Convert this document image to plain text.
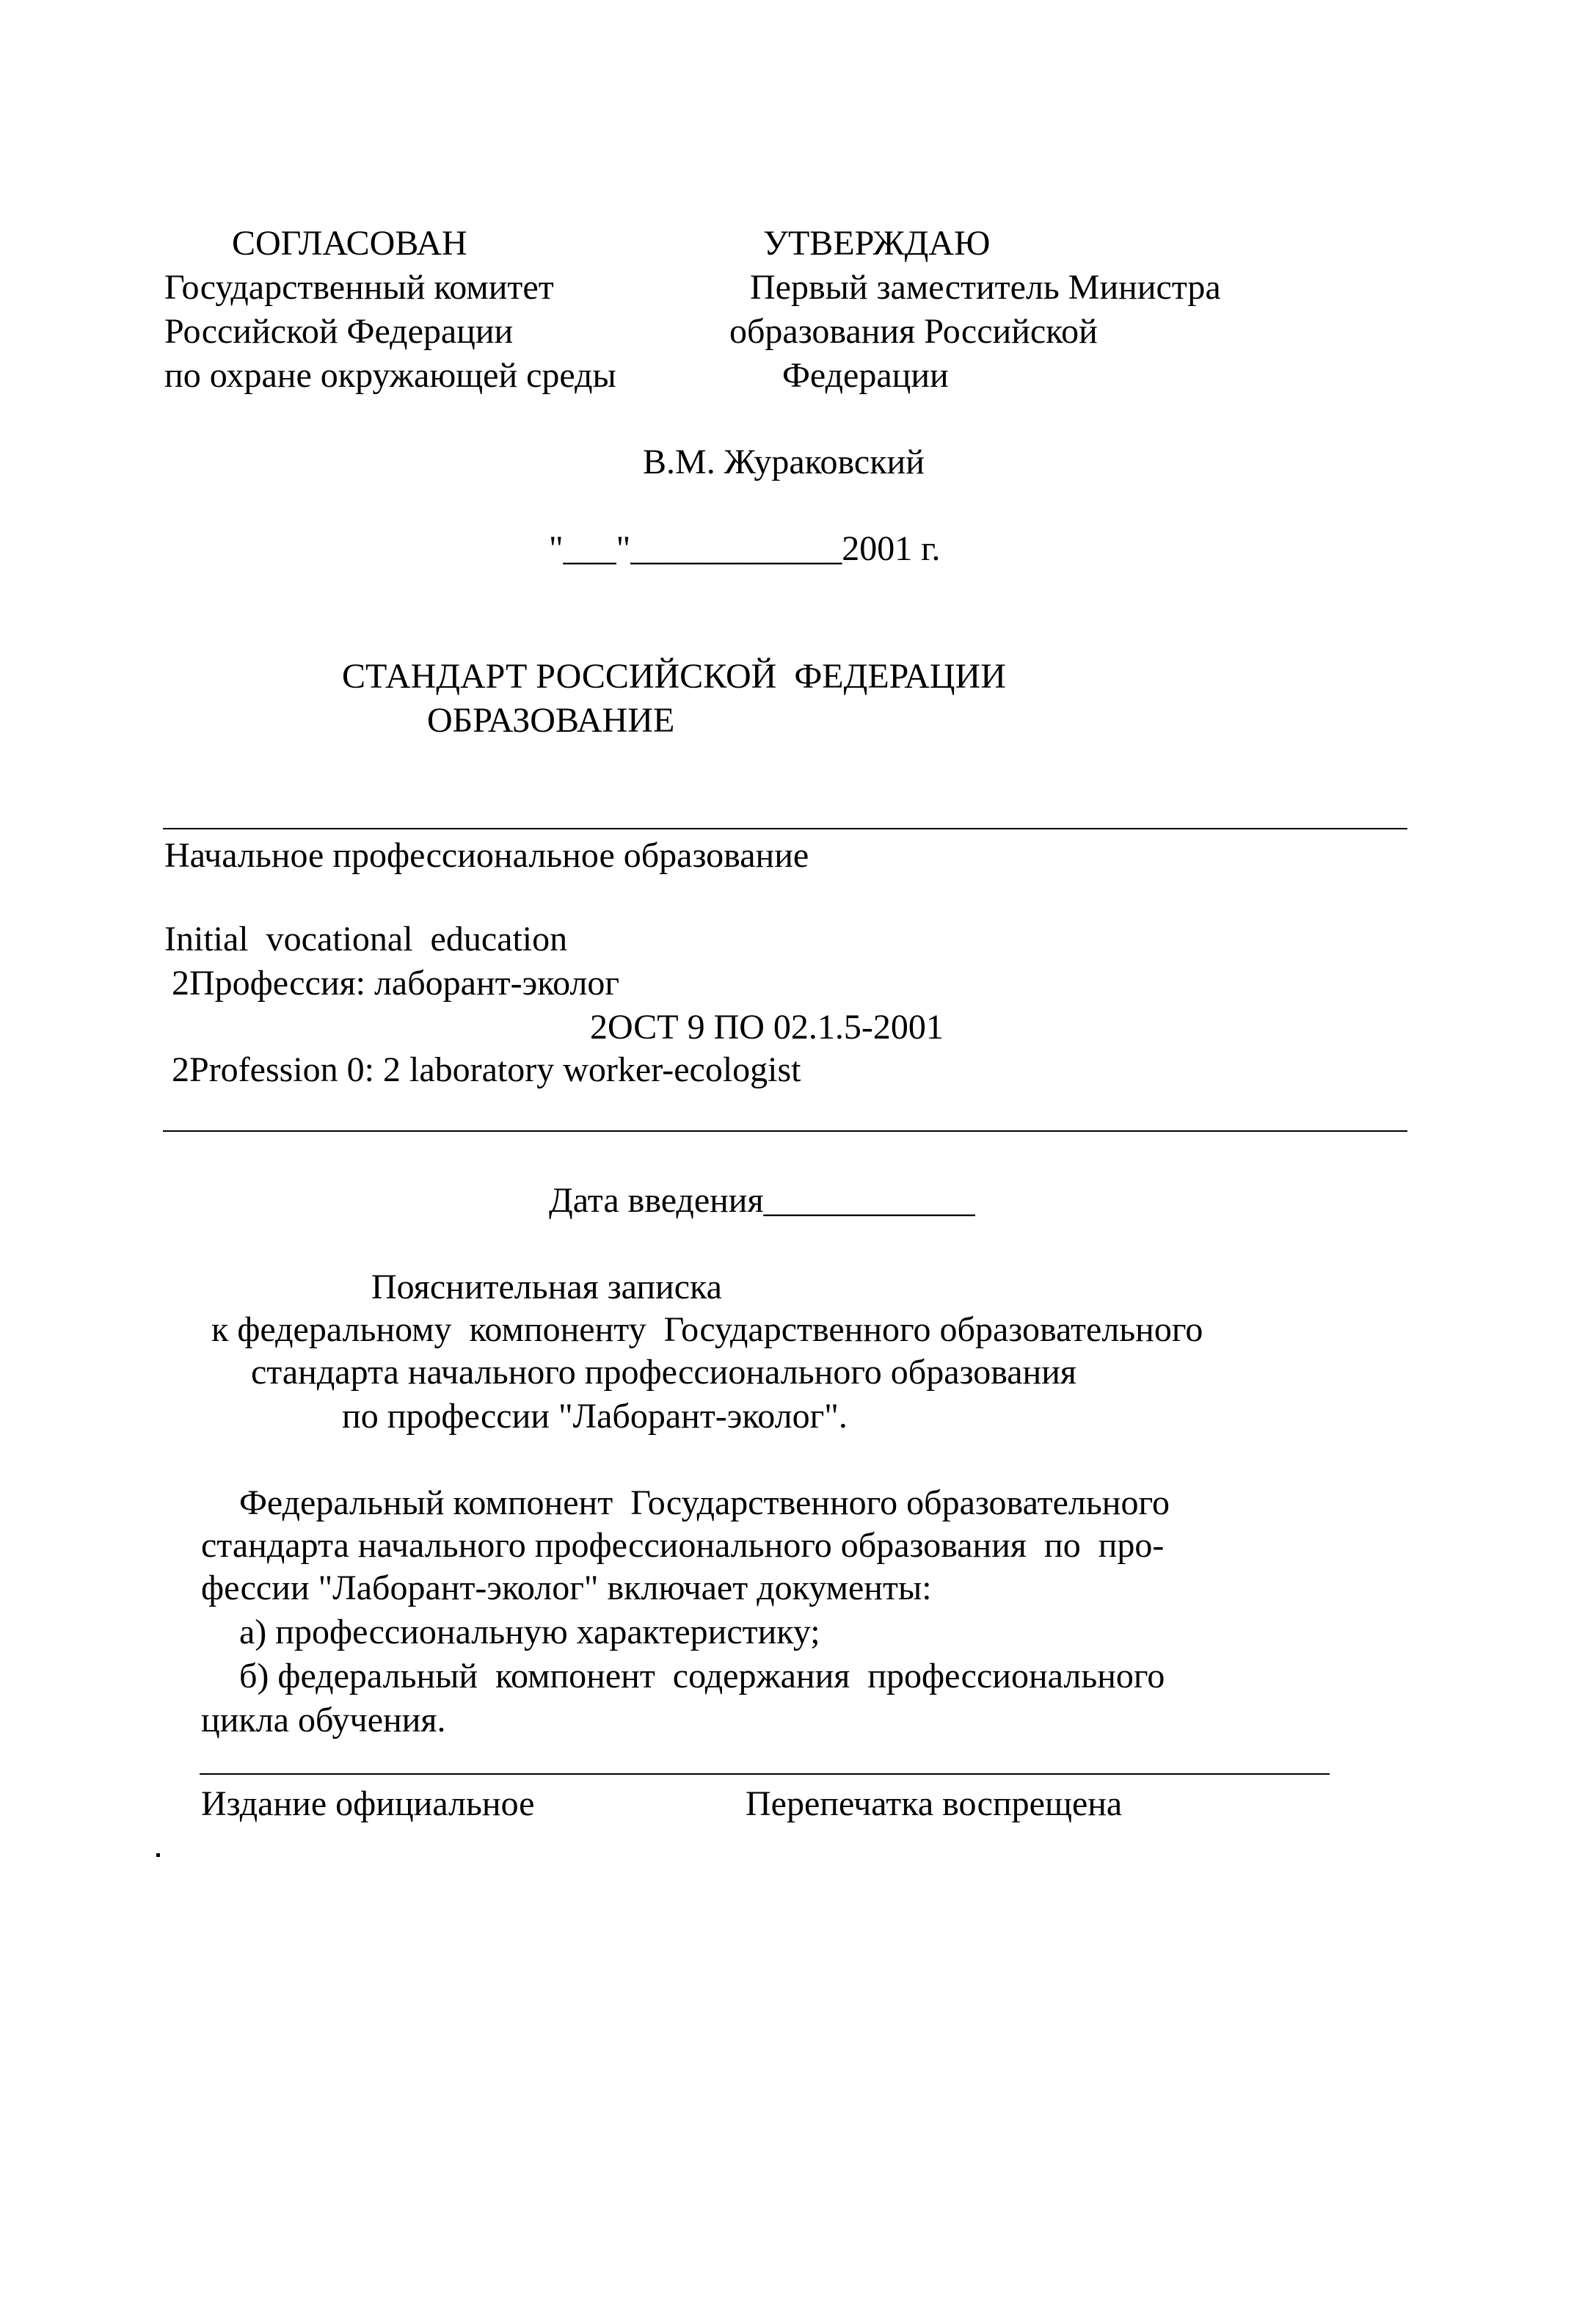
СОГЛАСОВАН
Государственный комитет
Российской Федерации
по охране окружающей среды
УТВЕРЖДАЮ
Первый заместитель Министра
образования Российской
Федерации
В.М. Жураковский
"___"____________2001 г.
СТАНДАРТ РОССИЙСКОЙ  ФЕДЕРАЦИИ
ОБРАЗОВАНИЕ
Начальное профессиональное образование
Initial  vocational  education
2Профессия: лаборант-эколог
2ОСТ 9 ПО 02.1.5-2001
2Profession 0: 2 laboratory worker-ecologist
Дата введения____________
Пояснительная записка
к федеральному  компоненту  Государственного образовательного
стандарта начального профессионального образования
по профессии "Лаборант-эколог".
Федеральный компонент  Государственного образовательного
стандарта начального профессионального образования  по  про-
фессии "Лаборант-эколог" включает документы:
а) профессиональную характеристику;
б) федеральный  компонент  содержания  профессионального
цикла обучения.
Издание официальное	Перепечатка воспрещена
